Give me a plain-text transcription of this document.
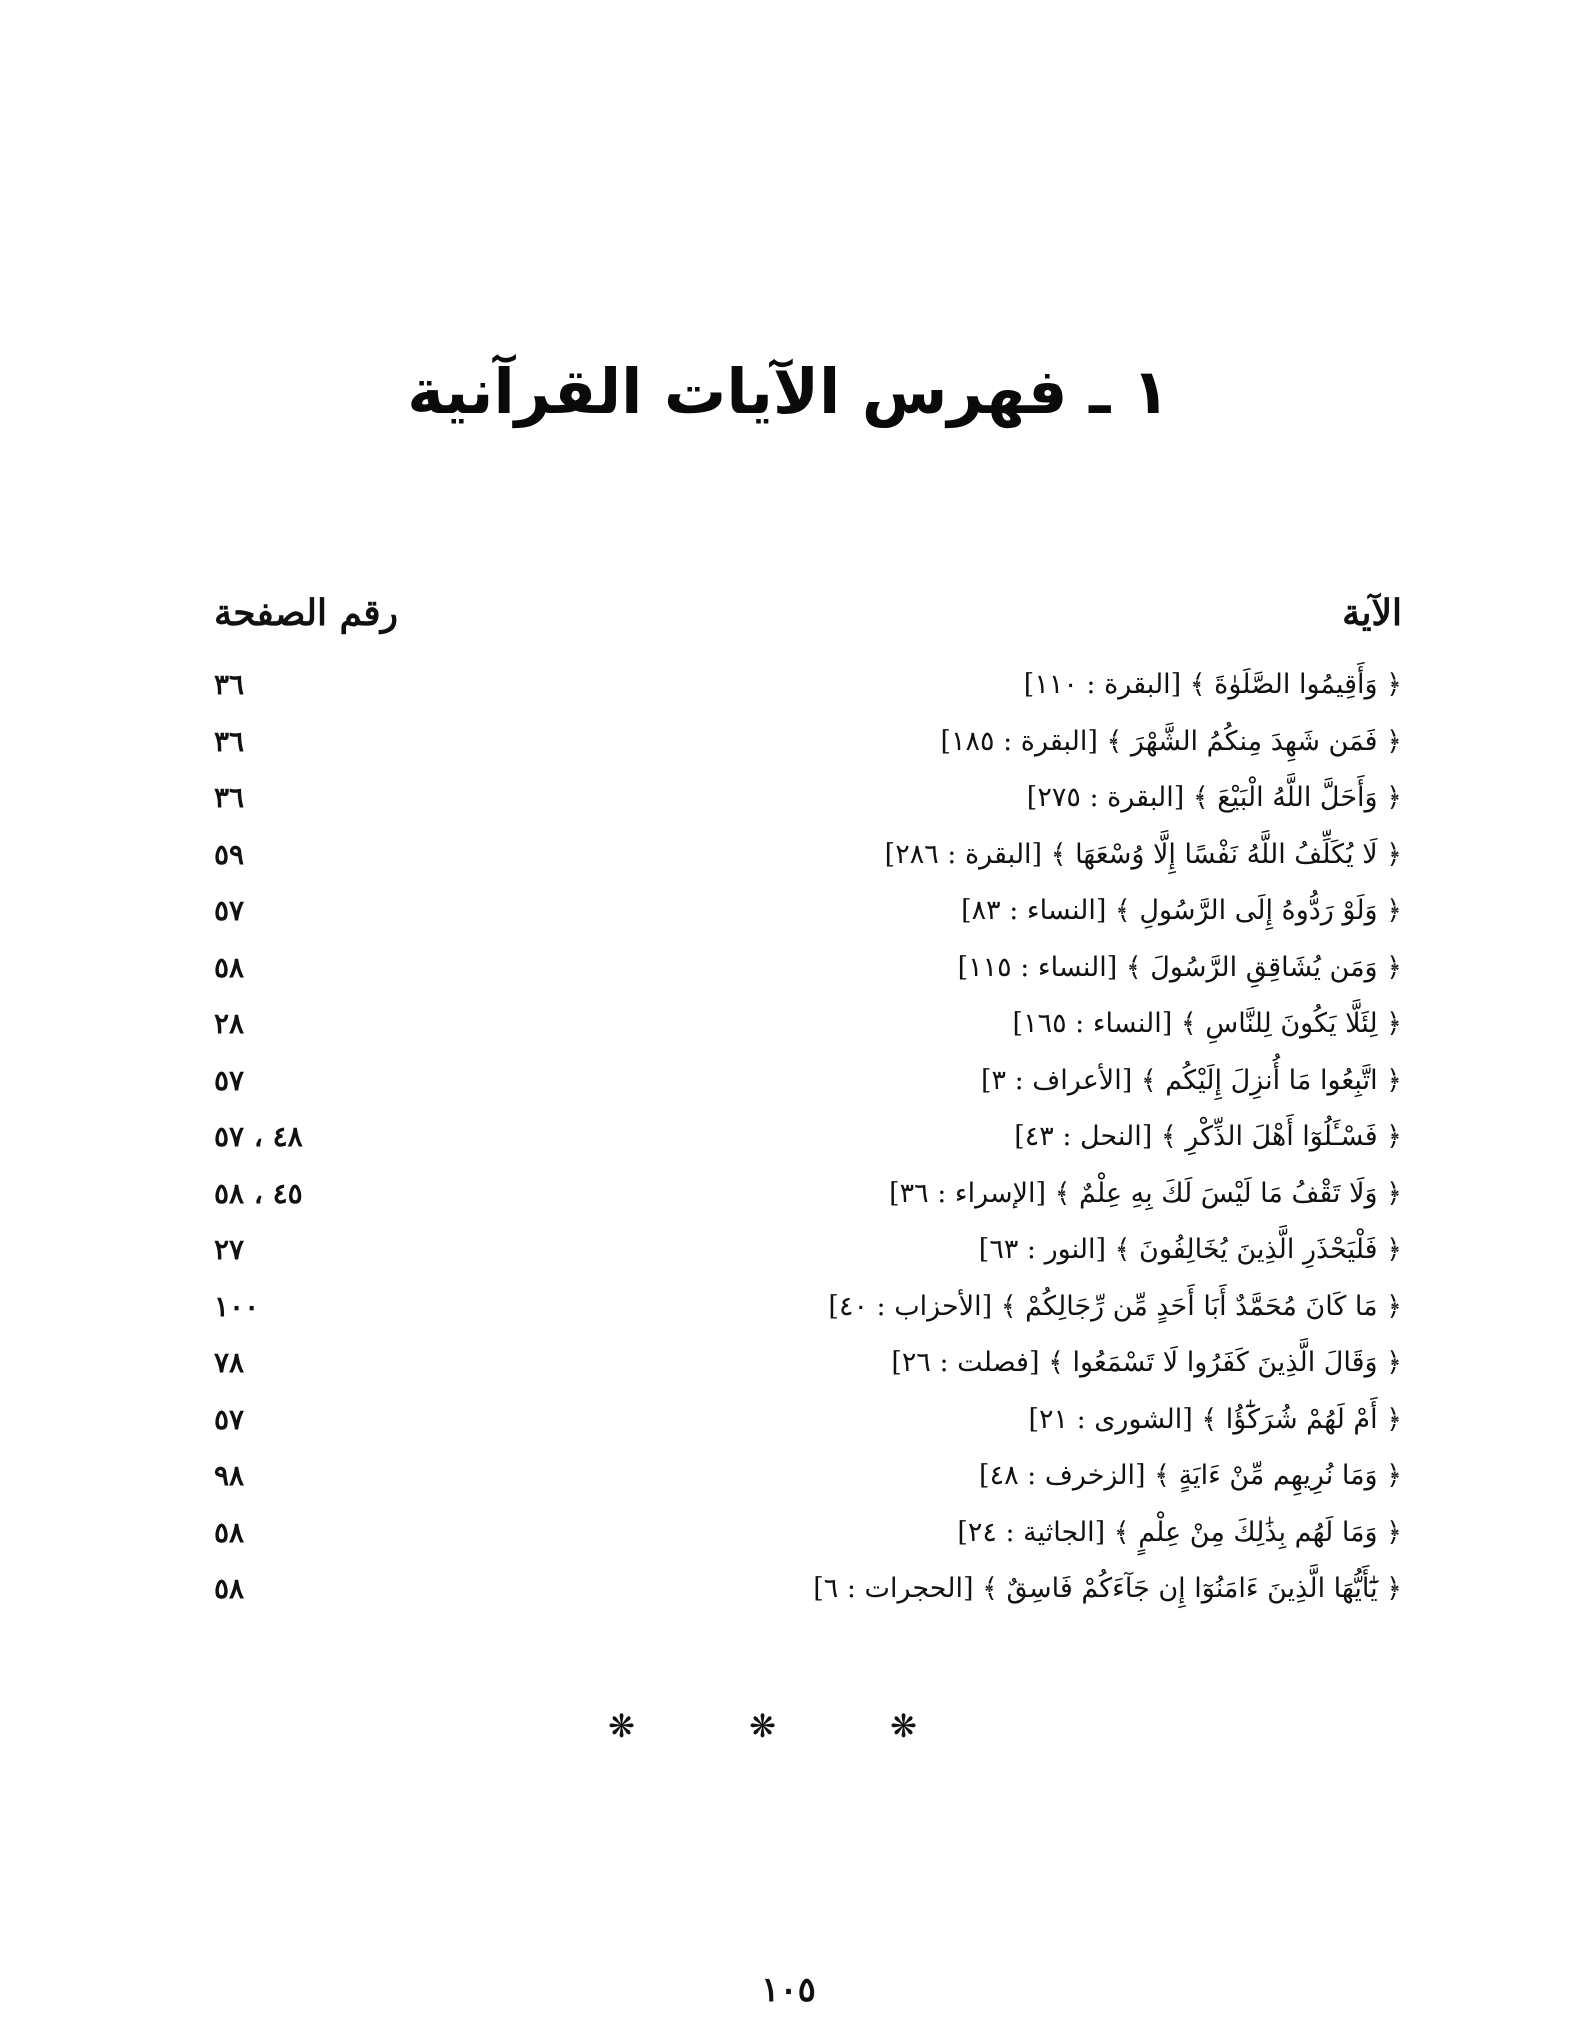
١ ـ فهرس الآيات القرآنية
الآية
رقم الصفحة
﴿ وَأَقِيمُوا الصَّلَوٰةَ ﴾ [البقرة : ١١٠]
٣٦
﴿ فَمَن شَهِدَ مِنكُمُ الشَّهْرَ ﴾ [البقرة : ١٨٥]
٣٦
﴿ وَأَحَلَّ اللَّهُ الْبَيْعَ ﴾ [البقرة : ٢٧٥]
٣٦
﴿ لَا يُكَلِّفُ اللَّهُ نَفْسًا إِلَّا وُسْعَهَا ﴾ [البقرة : ٢٨٦]
٥٩
﴿ وَلَوْ رَدُّوهُ إِلَى الرَّسُولِ ﴾ [النساء : ٨٣]
٥٧
﴿ وَمَن يُشَاقِقِ الرَّسُولَ ﴾ [النساء : ١١٥]
٥٨
﴿ لِئَلَّا يَكُونَ لِلنَّاسِ ﴾ [النساء : ١٦٥]
٢٨
﴿ اتَّبِعُوا مَا أُنزِلَ إِلَيْكُم ﴾ [الأعراف : ٣]
٥٧
﴿ فَسْـَٔلُوٓا أَهْلَ الذِّكْرِ ﴾ [النحل : ٤٣]
٤٨ ، ٥٧
﴿ وَلَا تَقْفُ مَا لَيْسَ لَكَ بِهِ عِلْمٌ ﴾ [الإسراء : ٣٦]
٤٥ ، ٥٨
﴿ فَلْيَحْذَرِ الَّذِينَ يُخَالِفُونَ ﴾ [النور : ٦٣]
٢٧
﴿ مَا كَانَ مُحَمَّدٌ أَبَا أَحَدٍ مِّن رِّجَالِكُمْ ﴾ [الأحزاب : ٤٠]
١٠٠
﴿ وَقَالَ الَّذِينَ كَفَرُوا لَا تَسْمَعُوا ﴾ [فصلت : ٢٦]
٧٨
﴿ أَمْ لَهُمْ شُرَكَٰٓؤُا ﴾ [الشورى : ٢١]
٥٧
﴿ وَمَا نُرِيهِم مِّنْ ءَايَةٍ ﴾ [الزخرف : ٤٨]
٩٨
﴿ وَمَا لَهُم بِذَٰلِكَ مِنْ عِلْمٍ ﴾ [الجاثية : ٢٤]
٥٨
﴿ يَٰٓأَيُّهَا الَّذِينَ ءَامَنُوٓا إِن جَآءَكُمْ فَاسِقٌ ﴾ [الحجرات : ٦]
٥٨
❋ ❋ ❋
١٠٥
